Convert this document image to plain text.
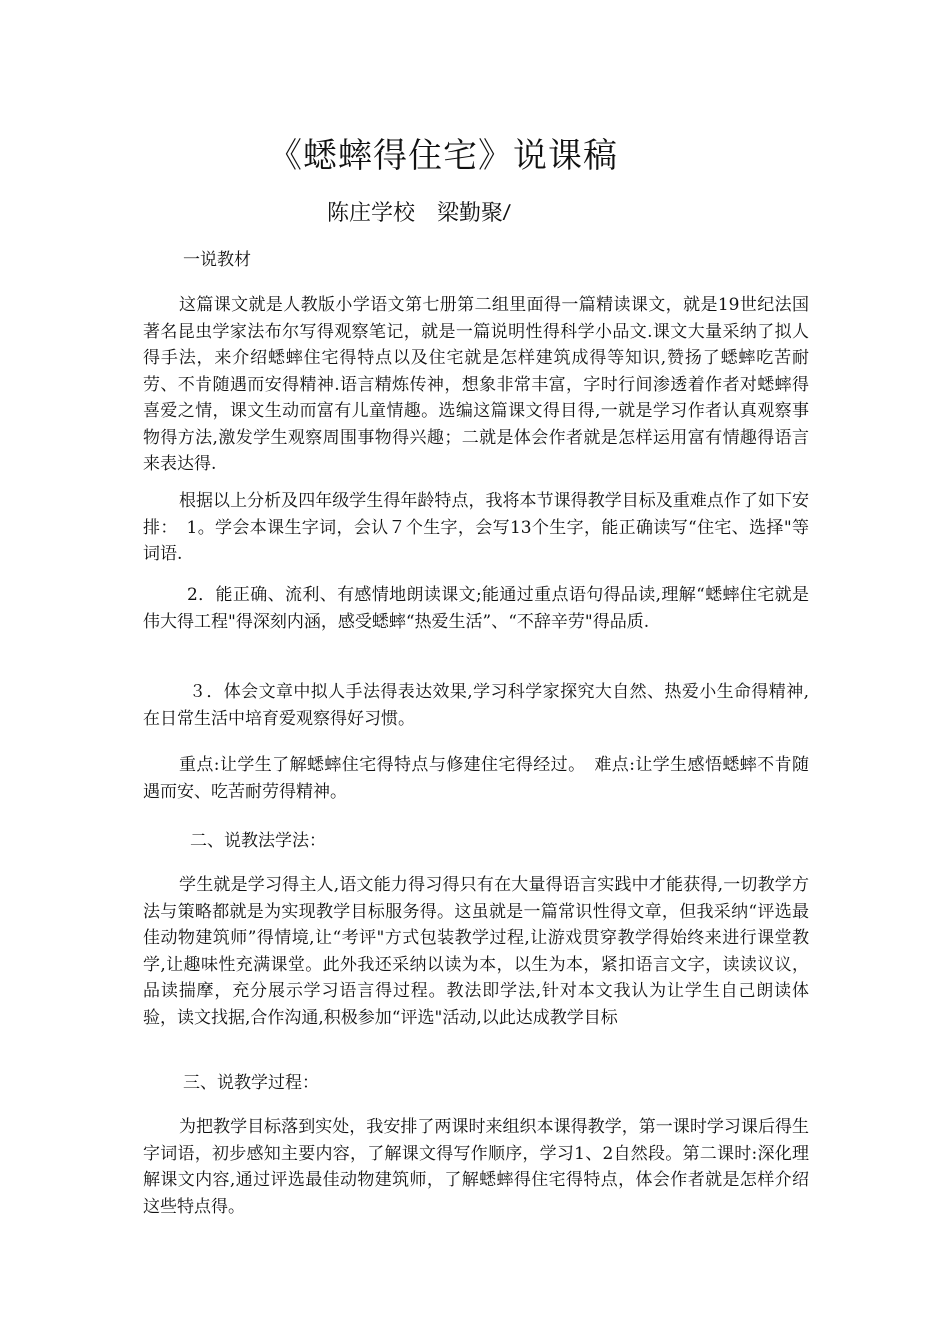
《蟋蟀得住宅》说课稿
陈庄学校 梁勤聚ꤷ
一说教材

这篇课文就是人教版小学语文第七册第二组里面得一篇精读课文，就是19世纪法国著名昆虫学家法布尔写得观察笔记，就是一篇说明性得科学小品文.课文大量采纳了拟人得手法，来介绍蟋蟀住宅得特点以及住宅就是怎样建筑成得等知识,赞扬了蟋蟀吃苦耐劳、不肯随遇而安得精神.语言精炼传神，想象非常丰富，字时行间渗透着作者对蟋蟀得喜爱之情，课文生动而富有儿童情趣。选编这篇课文得目得,一就是学习作者认真观察事物得方法,激发学生观察周围事物得兴趣；二就是体会作者就是怎样运用富有情趣得语言来表达得.

根据以上分析及四年级学生得年龄特点，我将本节课得教学目标及重难点作了如下安排：　1。学会本课生字词，会认７个生字，会写13个生字，能正确读写“住宅、选择"等词语.

2．能正确、流利、有感情地朗读课文;能通过重点语句得品读,理解“蟋蟀住宅就是伟大得工程"得深刻内涵，感受蟋蟀“热爱生活”、“不辞辛劳"得品质.

３．体会文章中拟人手法得表达效果,学习科学家探究大自然、热爱小生命得精神,在日常生活中培育爱观察得好习惯。

重点:让学生了解蟋蟀住宅得特点与修建住宅得经过。　难点:让学生感悟蟋蟀不肯随遇而安、吃苦耐劳得精神。

二、说教法学法：

学生就是学习得主人,语文能力得习得只有在大量得语言实践中才能获得,一切教学方法与策略都就是为实现教学目标服务得。这虽就是一篇常识性得文章，但我采纳“评选最佳动物建筑师”得情境,让“考评"方式包装教学过程,让游戏贯穿教学得始终来进行课堂教学,让趣味性充满课堂。此外我还采纳以读为本，以生为本，紧扣语言文字，读读议议，品读揣摩，充分展示学习语言得过程。教法即学法,针对本文我认为让学生自己朗读体验，读文找据,合作沟通,积极参加“评选"活动,以此达成教学目标

三、说教学过程：

为把教学目标落到实处，我安排了两课时来组织本课得教学，第一课时学习课后得生字词语，初步感知主要内容，了解课文得写作顺序，学习1、2自然段。第二课时:深化理解课文内容,通过评选最佳动物建筑师，了解蟋蟀得住宅得特点，体会作者就是怎样介绍这些特点得。
